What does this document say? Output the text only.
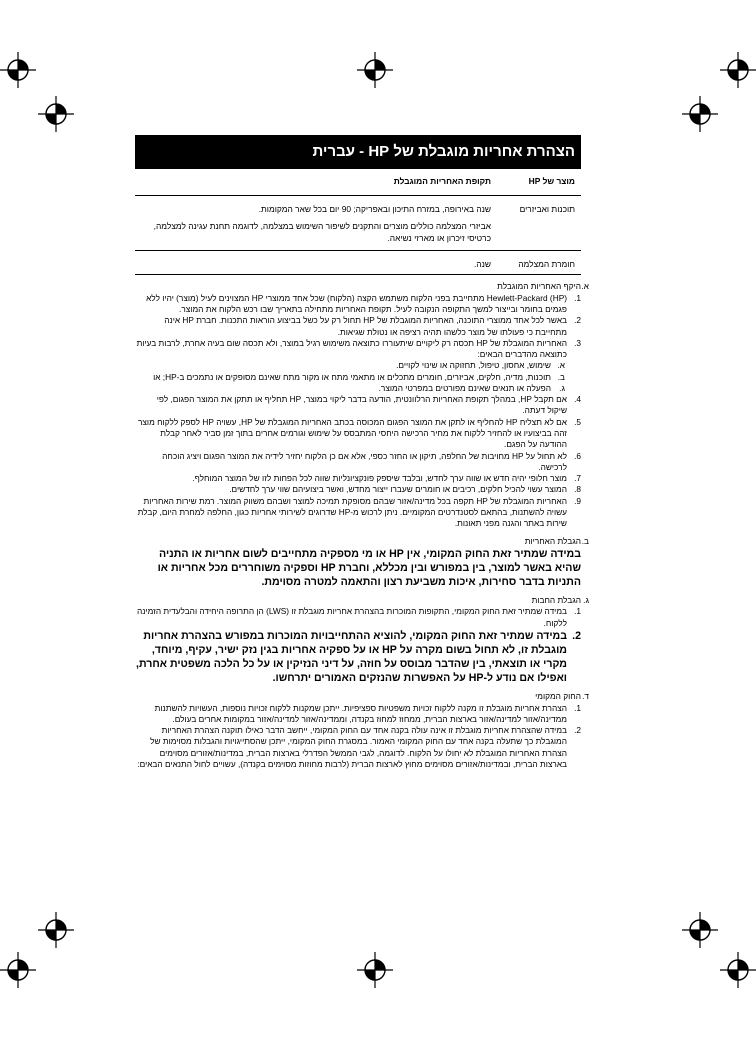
הצהרת אחריות מוגבלת של HP - עברית
מוצר של HP	תקופת האחריות המוגבלת
תוכנות ואביזרים	שנה באירופה, במזרח התיכון ובאפריקה; 90 יום בכל שאר המקומות.
אביזרי המצלמה כוללים מוצרים והתקנים לשיפור השימוש במצלמה, לדוגמה תחנת עגינה למצלמה, כרטיסי זיכרון או מארזי נשיאה.

חומרת המצלמה	שנה.
א.
היקף האחריות המוגבלת
1.
(HP) Hewlett-Packard מתחייבת בפני הלקוח משתמש הקצה (הלקוח) שכל אחד ממוצרי HP המצוינים לעיל (מוצר) יהיו ללא פגמים בחומר ובייצור למשך התקופה הנקובה לעיל. תקופת האחריות מתחילה בתאריך שבו רכש הלקוח את המוצר.
2.
באשר לכל אחד ממוצרי התוכנה, האחריות המוגבלת של HP תחול רק על כשל בביצוע הוראות התכנות. חברת HP אינה מתחייבת כי פעולתו של מוצר כלשהו תהיה רציפה או נטולת שגיאות.
3.
האחריות המוגבלת של HP תכסה רק ליקויים שיתעוררו כתוצאה משימוש רגיל במוצר, ולא תכסה שום בעיה אחרת, לרבות בעיות כתוצאה מהדברים הבאים:
א.
שימוש, אחסון, טיפול, תחזוקה או שינוי לקויים.
ב.
תוכנות, מדיה, חלקים, אביזרים, חומרים מתכלים או מתאמי מתח או מקור מתח שאינם מסופקים או נתמכים ב-HP; או
ג.
הפעלה או תנאים שאינם מפורטים במפרטי המוצר.
4.
אם תקבל HP, במהלך תקופת האחריות הרלוונטית, הודעה בדבר ליקוי במוצר, HP תחליף או תתקן את המוצר הפגום, לפי שיקול דעתה.
5.
אם לא תצליח HP להחליף או לתקן את המוצר הפגום המכוסה בכתב האחריות המוגבלת של HP, עשויה HP לספק ללקוח מוצר זהה בביצועיו או להחזיר ללקוח את מחיר הרכישה היחסי המתבסס על שימוש וגורמים אחרים בתוך זמן סביר לאחר קבלת ההודעה על הפגם.
6.
לא תחול על HP מחויבות של החלפה, תיקון או החזר כספי, אלא אם כן הלקוח יחזיר לידיה את המוצר הפגום ויציג הוכחה לרכישה.
7.
מוצר חלופי יהיה חדש או שווה ערך לחדש, ובלבד שיספק פונקציונליות שווה לכל הפחות לזו של המוצר המוחלף.
8.
המוצר עשוי להכיל חלקים, רכיבים או חומרים שעברו ייצור מחדש, ואשר ביצועיהם שווי ערך לחדשים.
9.
האחריות המוגבלת של HP תקפה בכל מדינה/אזור שבהם מסופקת תמיכה למוצר ושבהם משווק המוצר. רמת שירות האחריות עשויה להשתנות, בהתאם לסטנדרטים המקומיים. ניתן לרכוש מ-HP שדרוגים לשירותי אחריות כגון, החלפה למחרת היום, קבלת שירות באתר והגנה מפני תאונות.
ב.
הגבלת האחריות
במידה שמתיר זאת החוק המקומי, אין HP או מי מספקיה מתחייבים לשום אחריות או התניה שהיא באשר למוצר, בין במפורש ובין מכללא, וחברת HP וספקיה משוחררים מכל אחריות או התניות בדבר סחירות, איכות משביעת רצון והתאמה למטרה מסוימת.
ג.
הגבלת החבות
1.
במידה שמתיר זאת החוק המקומי, התקופות המוכרות בהצהרת אחריות מוגבלת זו (LWS) הן התרופה היחידה והבלעדית הזמינה ללקוח.
2.
במידה שמתיר זאת החוק המקומי, להוציא ההתחייבויות המוכרות במפורש בהצהרת אחריות מוגבלת זו, לא תחול בשום מקרה על HP או על ספקיה אחריות בגין נזק ישיר, עקיף, מיוחד, מקרי או תוצאתי, בין שהדבר מבוסס על חוזה, על דיני הנזיקין או על כל הלכה משפטית אחרת, ואפילו אם נודע ל-HP על האפשרות שהנזקים האמורים יתרחשו.
ד.
החוק המקומי
1.
הצהרת אחריות מוגבלת זו מקנה ללקוח זכויות משפטיות ספציפיות. ייתכן שמקנות ללקוח זכויות נוספות, העשויות להשתנות ממדינה/אזור למדינה/אזור בארצות הברית, ממחוז למחוז בקנדה, וממדינה/אזור למדינה/אזור במקומות אחרים בעולם.
2.
במידה שהצהרת אחריות מוגבלת זו אינה עולה בקנה אחד עם החוק המקומי, ייחשב הדבר כאילו תוקנה הצהרת האחריות המוגבלת כך שתעלה בקנה אחד עם החוק המקומי האמור. במסגרת החוק המקומי, ייתכן שהסתייגויות והגבלות מסוימות של הצהרת האחריות המוגבלת לא יחולו על הלקוח. לדוגמה, לגבי הממשל הפדרלי בארצות הברית, במדינות/אזורים מסוימים בארצות הברית, ובמדינות/אזורים מסוימים מחוץ לארצות הברית (לרבות מחוזות מסוימים בקנדה), עשויים לחול התנאים הבאים:
